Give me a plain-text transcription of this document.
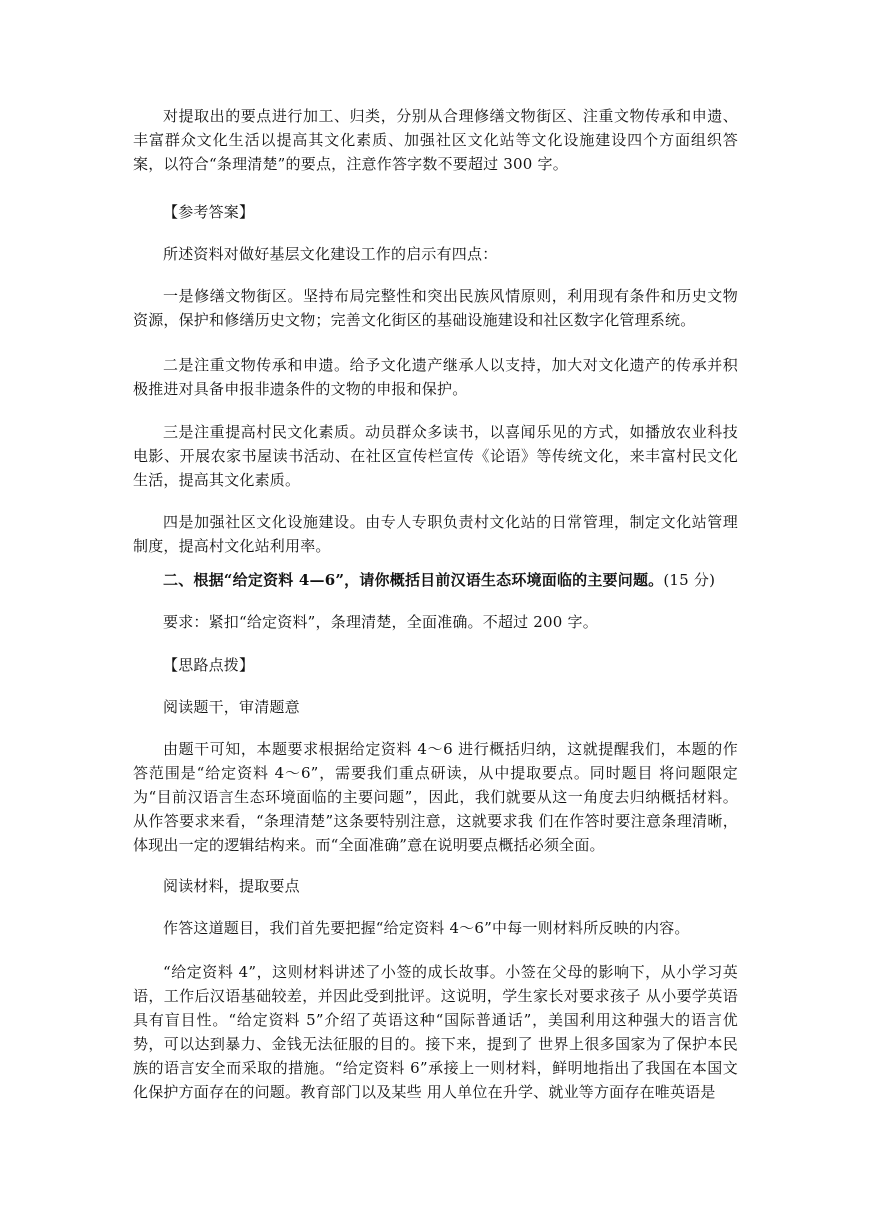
对提取出的要点进行加工、归类，分别从合理修缮文物街区、注重文物传承和申遗、丰富群众文化生活以提高其文化素质、加强社区文化站等文化设施建设四个方面组织答案，以符合“条理清楚”的要点，注意作答字数不要超过 300 字。

【参考答案】

所述资料对做好基层文化建设工作的启示有四点：

一是修缮文物街区。坚持布局完整性和突出民族风情原则，利用现有条件和历史文物资源，保护和修缮历史文物；完善文化街区的基础设施建设和社区数字化管理系统。

二是注重文物传承和申遗。给予文化遗产继承人以支持，加大对文化遗产的传承并积极推进对具备申报非遗条件的文物的申报和保护。

三是注重提高村民文化素质。动员群众多读书，以喜闻乐见的方式，如播放农业科技电影、开展农家书屋读书活动、在社区宣传栏宣传《论语》等传统文化，来丰富村民文化生活，提高其文化素质。

四是加强社区文化设施建设。由专人专职负责村文化站的日常管理，制定文化站管理制度，提高村文化站利用率。

二、根据“给定资料 4—6”，请你概括目前汉语生态环境面临的主要问题。(15 分)

要求：紧扣“给定资料”，条理清楚，全面准确。不超过 200 字。

【思路点拨】

阅读题干，审清题意

由题干可知，本题要求根据给定资料 4～6 进行概括归纳，这就提醒我们，本题的作答范围是“给定资料 4～6”，需要我们重点研读，从中提取要点。同时题目 将问题限定为“目前汉语言生态环境面临的主要问题”，因此，我们就要从这一角度去归纳概括材料。从作答要求来看，“条理清楚”这条要特别注意，这就要求我 们在作答时要注意条理清晰，体现出一定的逻辑结构来。而“全面准确”意在说明要点概括必须全面。

阅读材料，提取要点

作答这道题目，我们首先要把握“给定资料 4～6”中每一则材料所反映的内容。

“给定资料 4”，这则材料讲述了小签的成长故事。小签在父母的影响下，从小学习英语，工作后汉语基础较差，并因此受到批评。这说明，学生家长对要求孩子 从小要学英语具有盲目性。“给定资料 5”介绍了英语这种“国际普通话”，美国利用这种强大的语言优势，可以达到暴力、金钱无法征服的目的。接下来，提到了 世界上很多国家为了保护本民族的语言安全而采取的措施。“给定资料 6”承接上一则材料，鲜明地指出了我国在本国文化保护方面存在的问题。教育部门以及某些 用人单位在升学、就业等方面存在唯英语是
